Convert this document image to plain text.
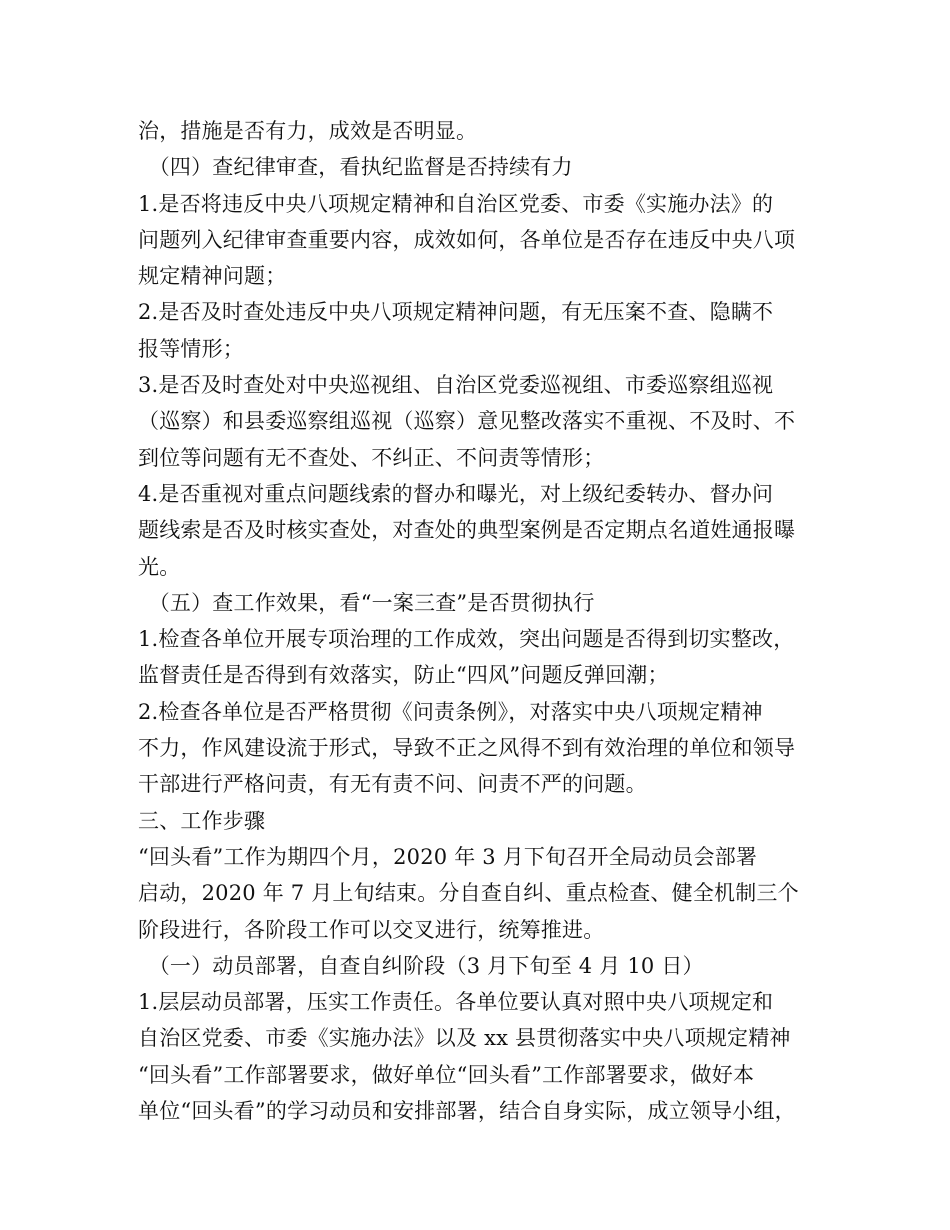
治，措施是否有力，成效是否明显。
　（四）查纪律审查，看执纪监督是否持续有力
1.是否将违反中央八项规定精神和自治区党委、市委《实施办法》的
问题列入纪律审查重要内容，成效如何，各单位是否存在违反中央八项
规定精神问题；
2.是否及时查处违反中央八项规定精神问题，有无压案不查、隐瞒不
报等情形；
3.是否及时查处对中央巡视组、自治区党委巡视组、市委巡察组巡视
（巡察）和县委巡察组巡视（巡察）意见整改落实不重视、不及时、不
到位等问题有无不查处、不纠正、不问责等情形；
4.是否重视对重点问题线索的督办和曝光，对上级纪委转办、督办问
题线索是否及时核实查处，对查处的典型案例是否定期点名道姓通报曝
光。
　（五）查工作效果，看“一案三查”是否贯彻执行
1.检查各单位开展专项治理的工作成效，突出问题是否得到切实整改，
监督责任是否得到有效落实，防止“四风”问题反弹回潮；
2.检查各单位是否严格贯彻《问责条例》，对落实中央八项规定精神
不力，作风建设流于形式，导致不正之风得不到有效治理的单位和领导
干部进行严格问责，有无有责不问、问责不严的问题。
三、工作步骤
“回头看”工作为期四个月，2020 年 3 月下旬召开全局动员会部署
启动，2020 年 7 月上旬结束。分自查自纠、重点检查、健全机制三个
阶段进行，各阶段工作可以交叉进行，统筹推进。
　（一）动员部署，自查自纠阶段（3 月下旬至 4 月 10 日）
1.层层动员部署，压实工作责任。各单位要认真对照中央八项规定和
自治区党委、市委《实施办法》以及 xx 县贯彻落实中央八项规定精神
“回头看”工作部署要求，做好单位“回头看”工作部署要求，做好本
单位“回头看”的学习动员和安排部署，结合自身实际，成立领导小组，
